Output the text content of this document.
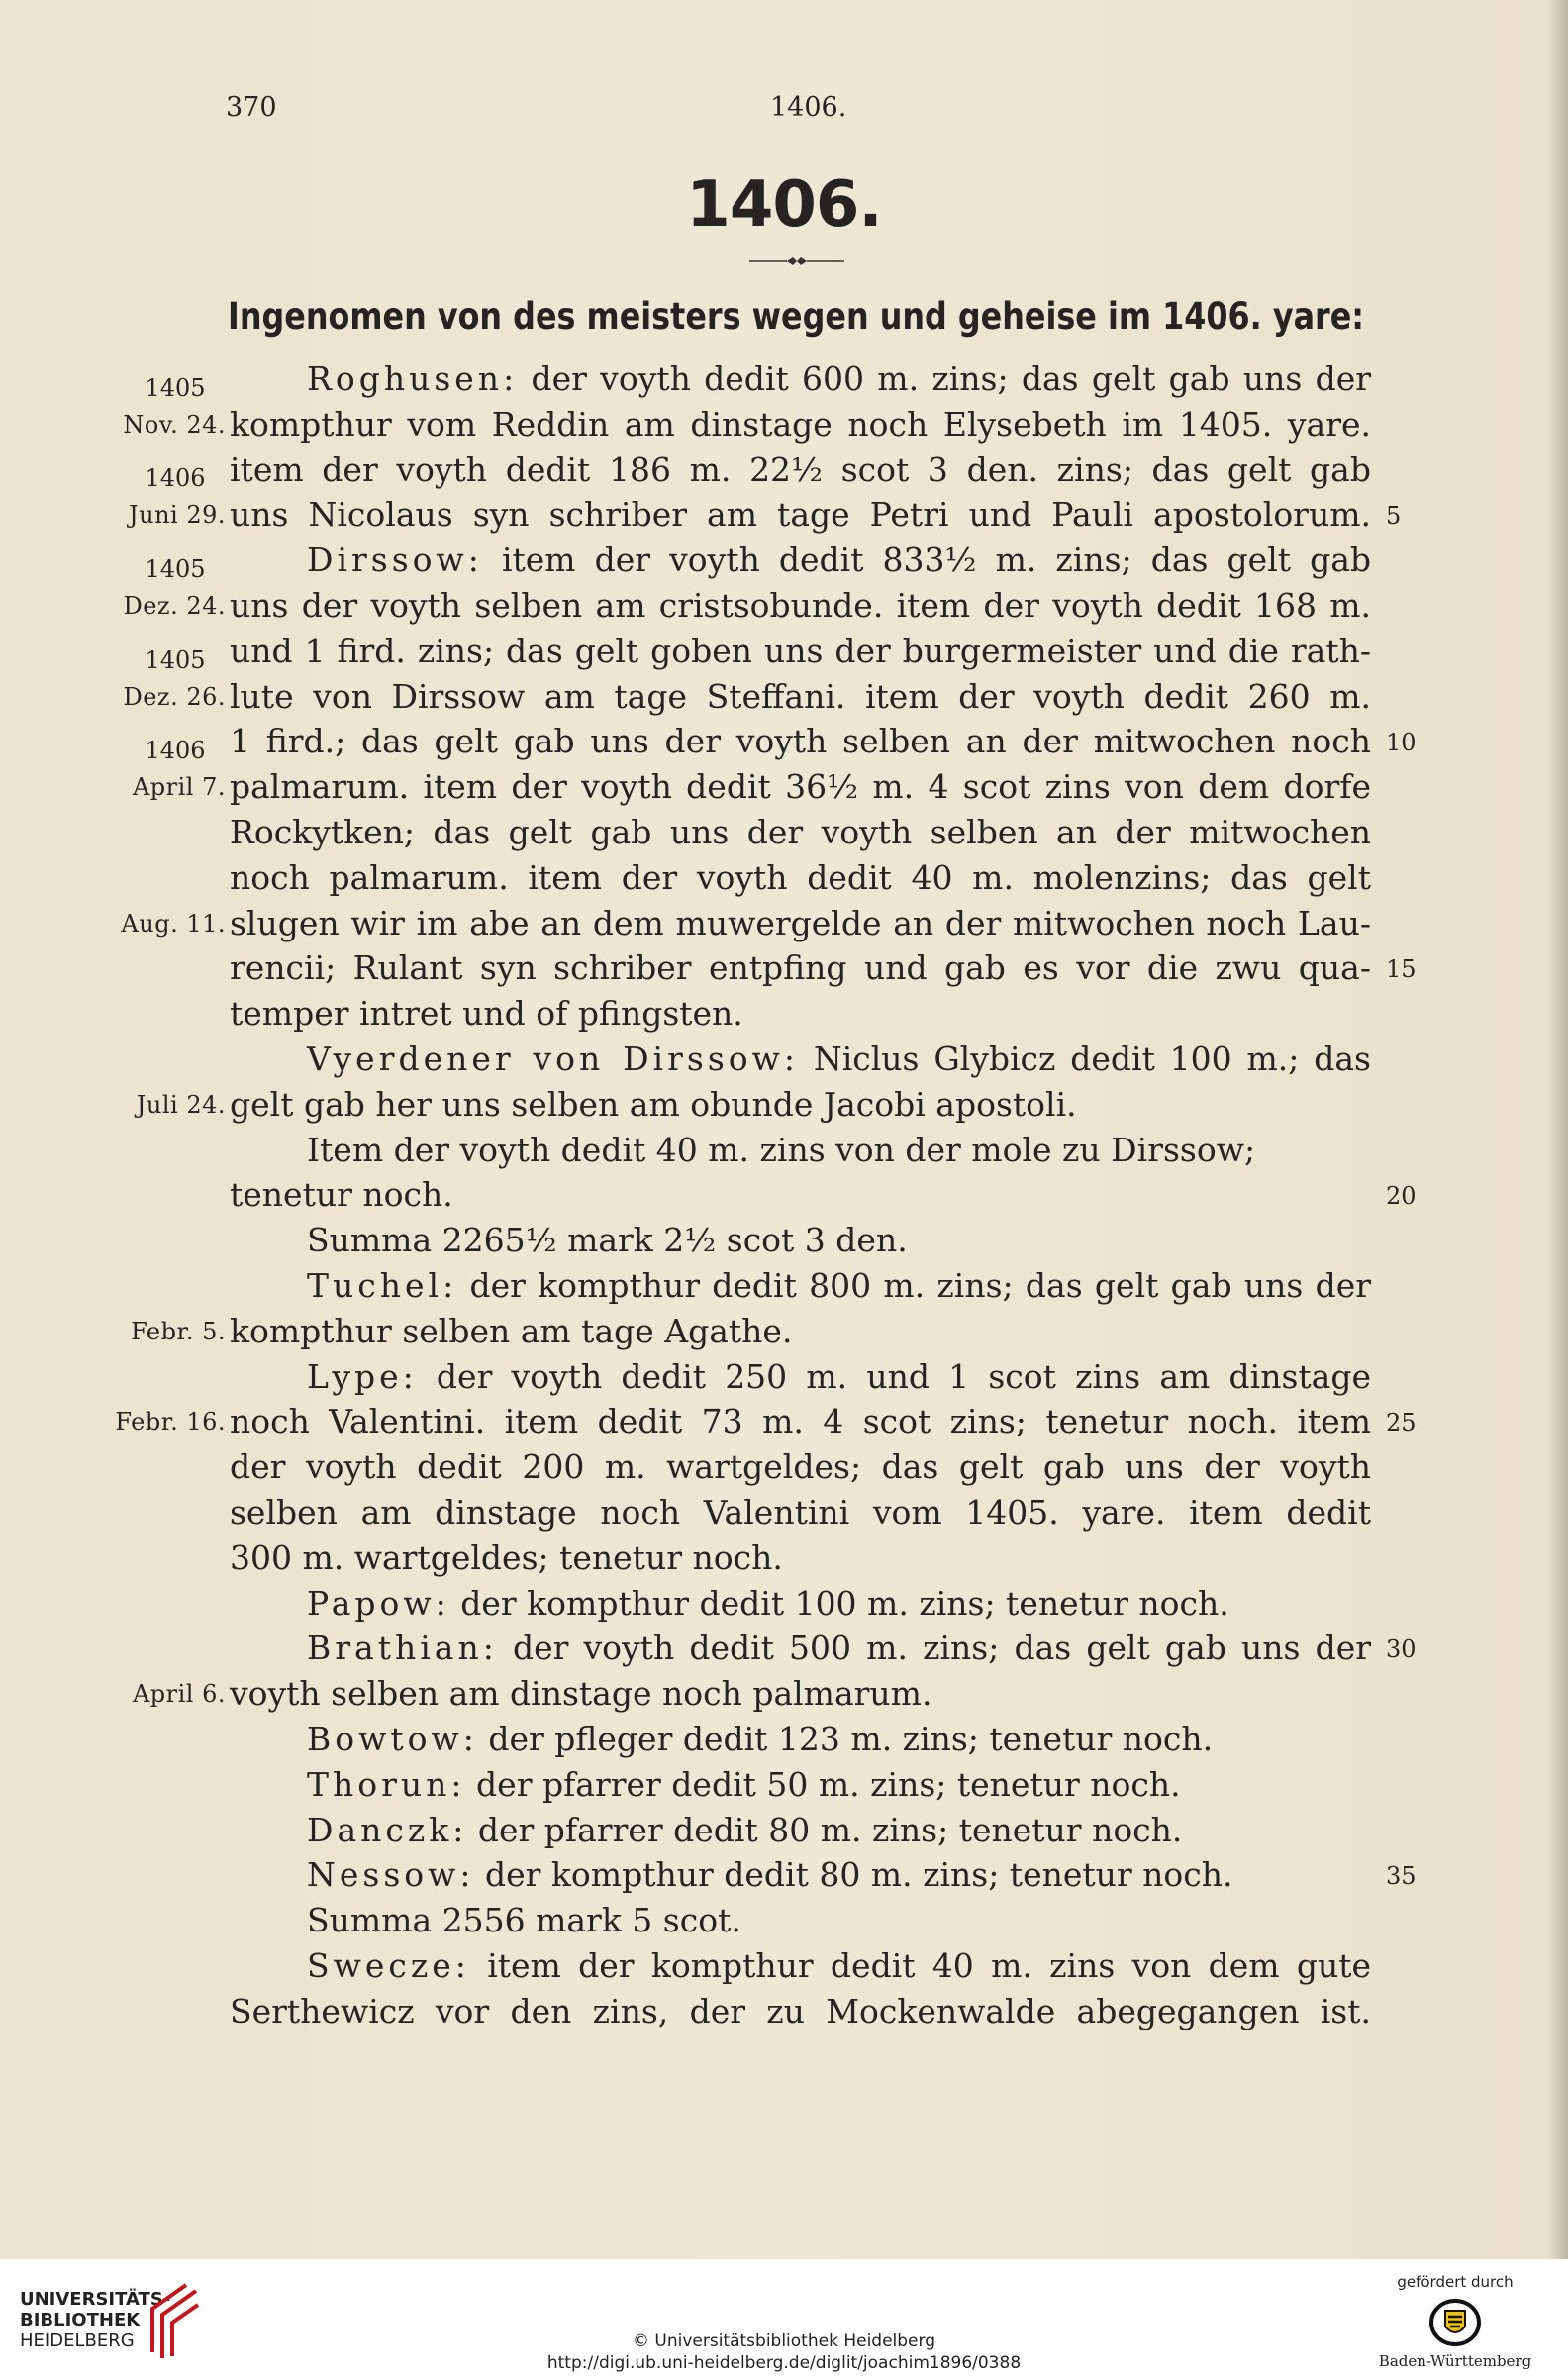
370	1406.
1406.
Ingenomen von des meisters wegen und geheise im 1406. yare:
Roghusen: der voyth dedit 600 m. zins; das gelt gab uns der
kompthur vom Reddin am dinstage noch Elysebeth im 1405. yare.
item der voyth dedit 186 m. 22½ scot 3 den. zins; das gelt gab
uns Nicolaus syn schriber am tage Petri und Pauli apostolorum.
Dirssow: item der voyth dedit 833½ m. zins; das gelt gab
uns der voyth selben am cristsobunde. item der voyth dedit 168 m.
und 1 fird. zins; das gelt goben uns der burgermeister und die rath-
lute von Dirssow am tage Steffani. item der voyth dedit 260 m.
1 fird.; das gelt gab uns der voyth selben an der mitwochen noch
palmarum. item der voyth dedit 36½ m. 4 scot zins von dem dorfe
Rockytken; das gelt gab uns der voyth selben an der mitwochen
noch palmarum. item der voyth dedit 40 m. molenzins; das gelt
slugen wir im abe an dem muwergelde an der mitwochen noch Lau-
rencii; Rulant syn schriber entpfing und gab es vor die zwu qua-
temper intret und of pfingsten.
Vyerdener von Dirssow: Niclus Glybicz dedit 100 m.; das
gelt gab her uns selben am obunde Jacobi apostoli.
Item der voyth dedit 40 m. zins von der mole zu Dirssow;
tenetur noch.
Summa 2265½ mark 2½ scot 3 den.
Tuchel: der kompthur dedit 800 m. zins; das gelt gab uns der
kompthur selben am tage Agathe.
Lype: der voyth dedit 250 m. und 1 scot zins am dinstage
noch Valentini. item dedit 73 m. 4 scot zins; tenetur noch. item
der voyth dedit 200 m. wartgeldes; das gelt gab uns der voyth
selben am dinstage noch Valentini vom 1405. yare. item dedit
300 m. wartgeldes; tenetur noch.
Papow: der kompthur dedit 100 m. zins; tenetur noch.
Brathian: der voyth dedit 500 m. zins; das gelt gab uns der
voyth selben am dinstage noch palmarum.
Bowtow: der pfleger dedit 123 m. zins; tenetur noch.
Thorun: der pfarrer dedit 50 m. zins; tenetur noch.
Danczk: der pfarrer dedit 80 m. zins; tenetur noch.
Nessow: der kompthur dedit 80 m. zins; tenetur noch.
Summa 2556 mark 5 scot.
Swecze: item der kompthur dedit 40 m. zins von dem gute
Serthewicz vor den zins, der zu Mockenwalde abegegangen ist.
1405
Nov. 24.
1406
Juni 29.
1405
Dez. 24.
1405
Dez. 26.
1406
April 7.
Aug. 11.
Juli 24.
Febr. 5.
Febr. 16.
April 6.
5
10
15
20
25
30
35
UNIVERSITÄTS-
BIBLIOTHEK
HEIDELBERG	© Universitätsbibliothek Heidelberg
http://digi.ub.uni-heidelberg.de/diglit/joachim1896/0388
gefördert durch
Baden-Württemberg
